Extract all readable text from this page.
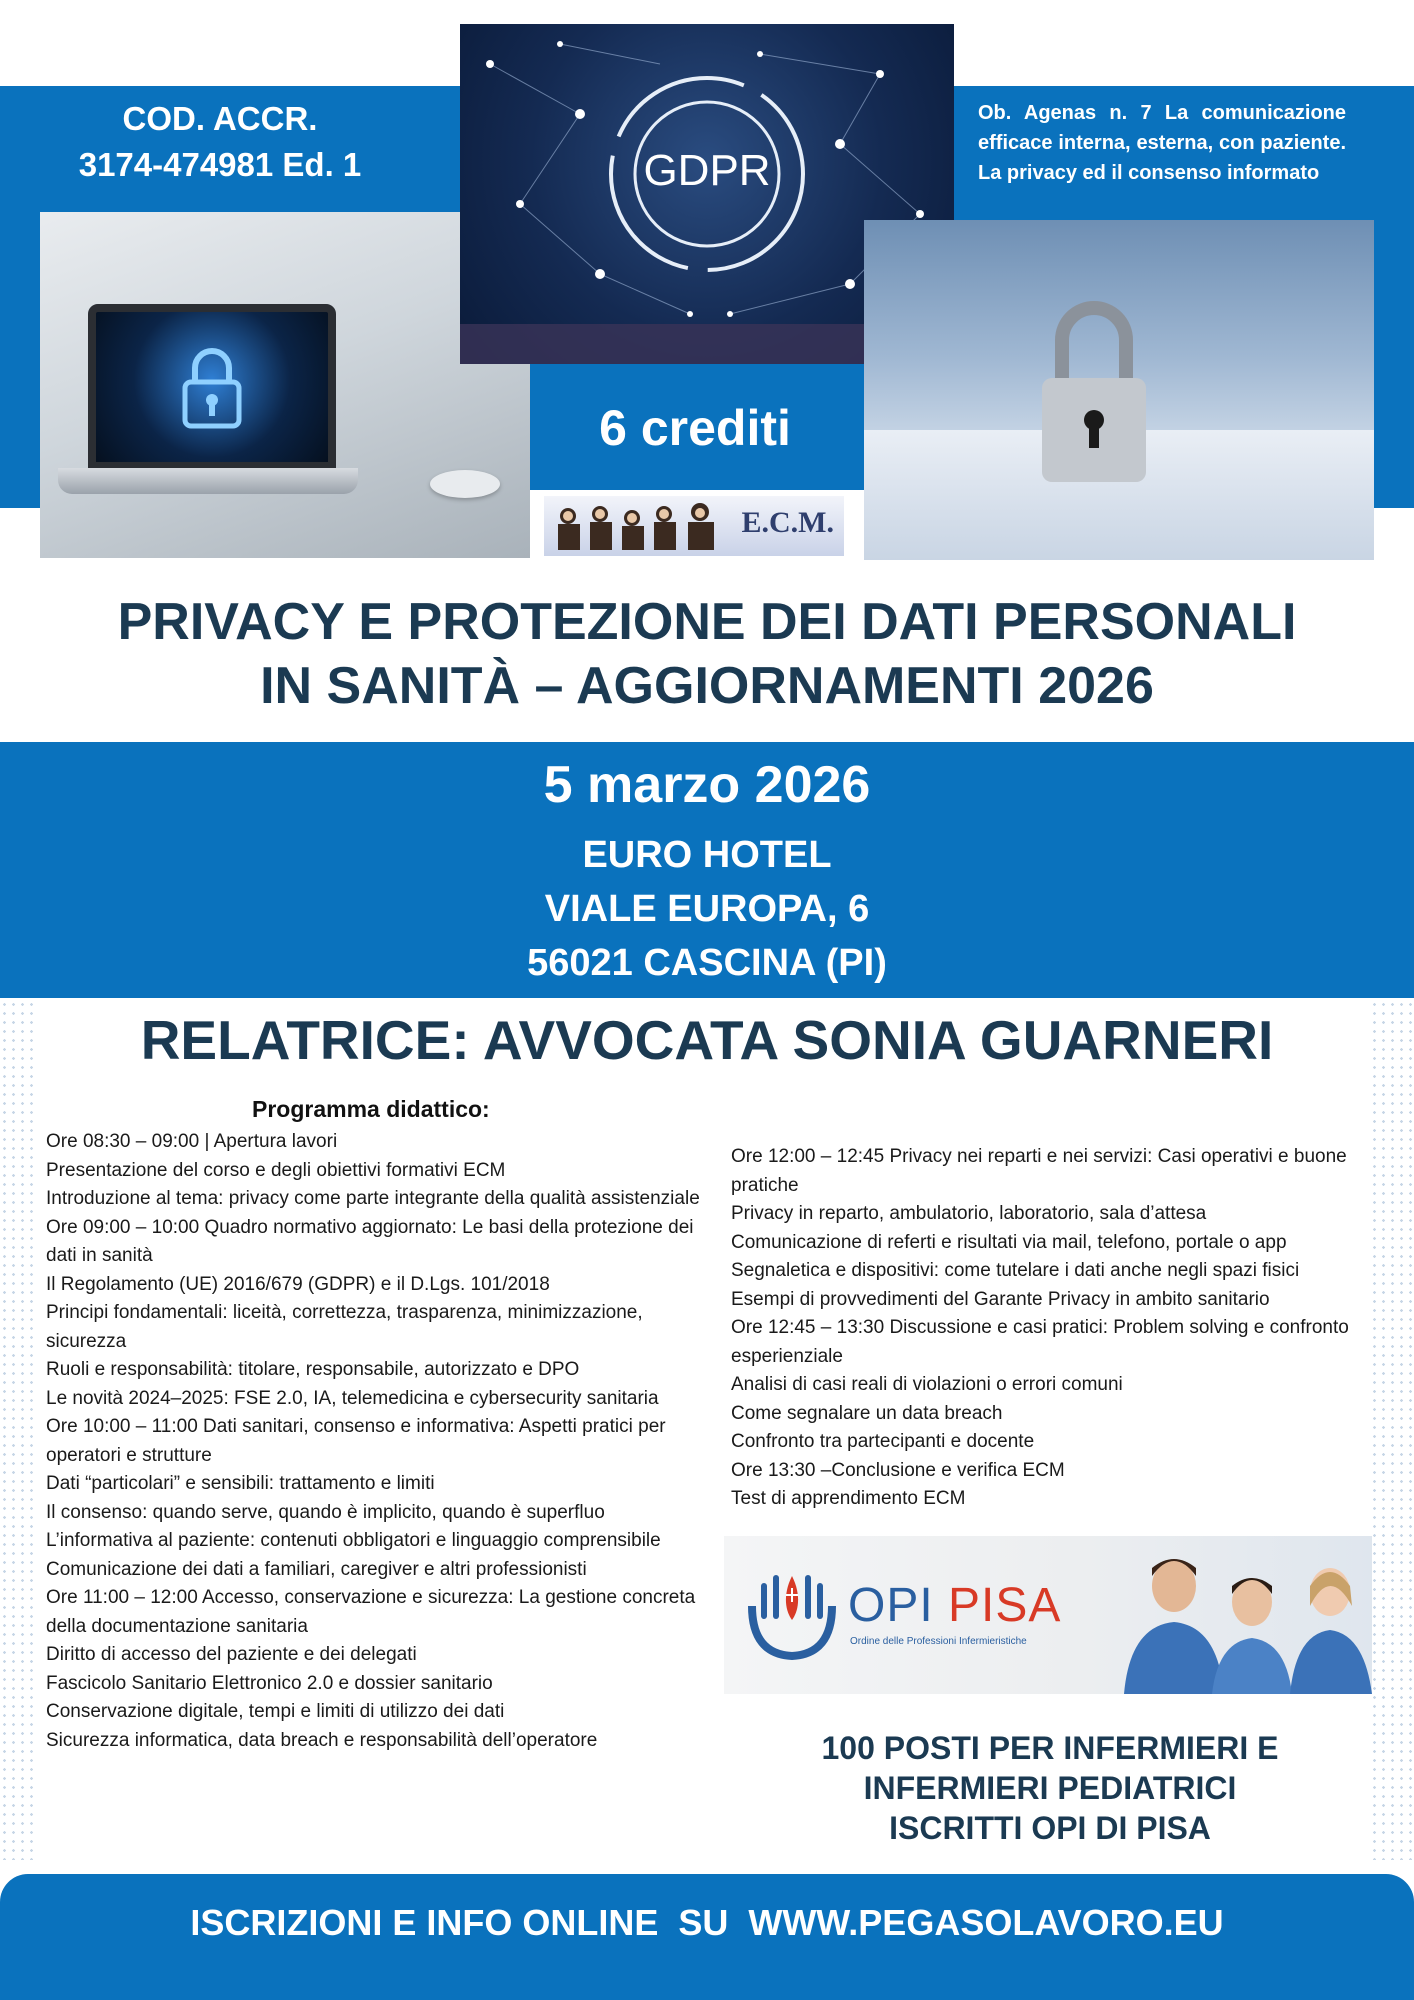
COD. ACCR.
3174-474981 Ed. 1
Ob. Agenas n. 7 La comunicazione efficace interna, esterna, con paziente. La privacy ed il consenso informato
GDPR
6 crediti
E.C.M.
PRIVACY E PROTEZIONE DEI DATI PERSONALI
IN SANITÀ – AGGIORNAMENTI 2026
5 marzo 2026
EURO HOTEL
VIALE EUROPA, 6
56021 CASCINA (PI)
RELATRICE: AVVOCATA SONIA GUARNERI
Programma didattico:
Ore 08:30 – 09:00 | Apertura lavori
Presentazione del corso e degli obiettivi formativi ECM
Introduzione al tema: privacy come parte integrante della qualità assistenziale
Ore 09:00 – 10:00 Quadro normativo aggiornato: Le basi della protezione dei dati in sanità
Il Regolamento (UE) 2016/679 (GDPR) e il D.Lgs. 101/2018
Principi fondamentali: liceità, correttezza, trasparenza, minimizzazione, sicurezza
Ruoli e responsabilità: titolare, responsabile, autorizzato e DPO
Le novità 2024–2025: FSE 2.0, IA, telemedicina e cybersecurity sanitaria
Ore 10:00 – 11:00 Dati sanitari, consenso e informativa: Aspetti pratici per operatori e strutture
Dati “particolari” e sensibili: trattamento e limiti
Il consenso: quando serve, quando è implicito, quando è superfluo
L’informativa al paziente: contenuti obbligatori e linguaggio comprensibile
Comunicazione dei dati a familiari, caregiver e altri professionisti
Ore 11:00 – 12:00 Accesso, conservazione e sicurezza: La gestione concreta della documentazione sanitaria
Diritto di accesso del paziente e dei delegati
Fascicolo Sanitario Elettronico 2.0 e dossier sanitario
Conservazione digitale, tempi e limiti di utilizzo dei dati
Sicurezza informatica, data breach e responsabilità dell’operatore
Ore 12:00 – 12:45 Privacy nei reparti e nei servizi: Casi operativi e buone pratiche
Privacy in reparto, ambulatorio, laboratorio, sala d’attesa
Comunicazione di referti e risultati via mail, telefono, portale o app
Segnaletica e dispositivi: come tutelare i dati anche negli spazi fisici
Esempi di provvedimenti del Garante Privacy in ambito sanitario
Ore 12:45 – 13:30 Discussione e casi pratici: Problem solving e confronto esperienziale
Analisi di casi reali di violazioni o errori comuni
Come segnalare un data breach
Confronto tra partecipanti e docente
Ore 13:30 –Conclusione e verifica ECM
Test di apprendimento ECM
OPI PISA
Ordine delle Professioni Infermieristiche
100 POSTI PER INFERMIERI E
INFERMIERI PEDIATRICI
ISCRITTI OPI DI PISA
ISCRIZIONI E INFO ONLINE  SU  WWW.PEGASOLAVORO.EU
